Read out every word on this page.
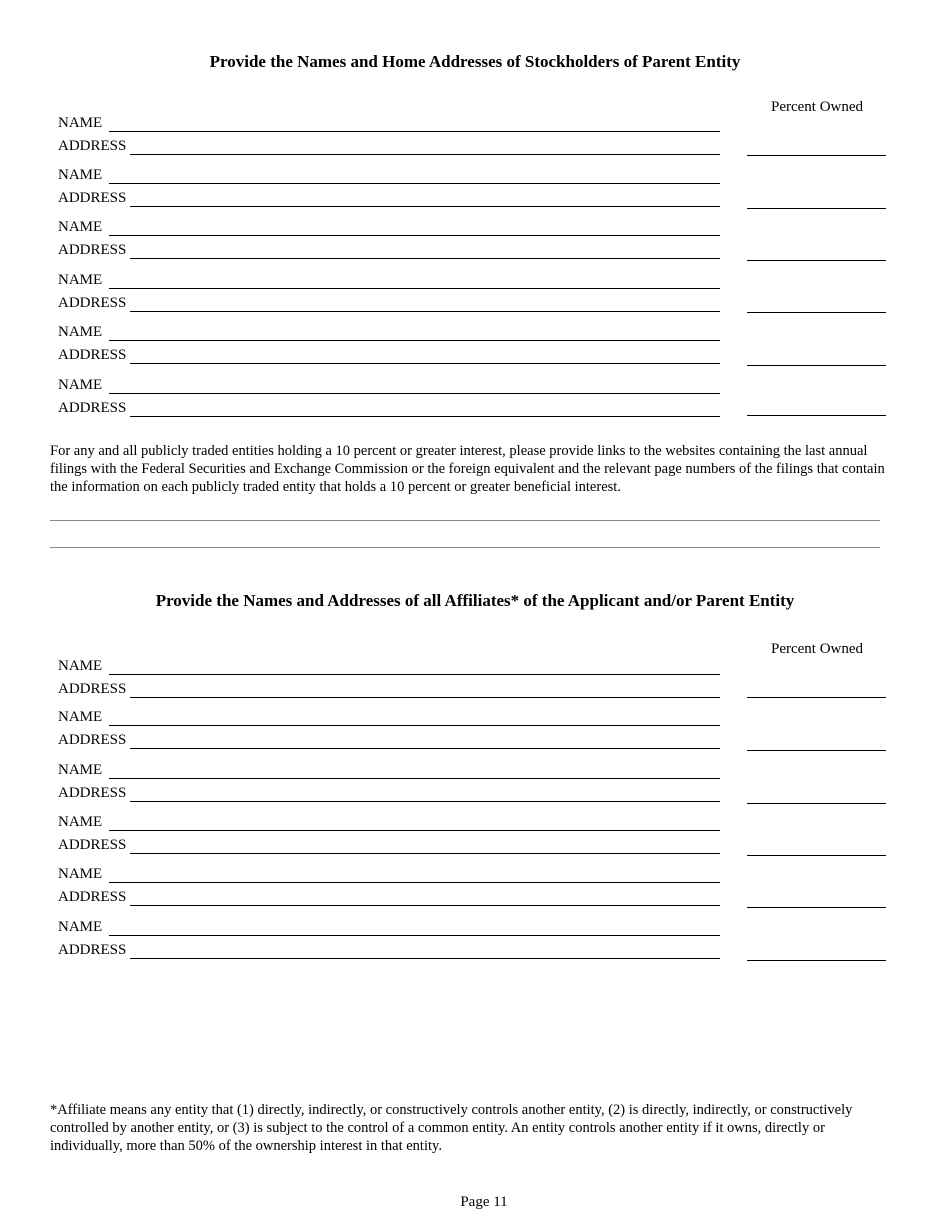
Provide the Names and Home Addresses of Stockholders of Parent Entity
Percent Owned
NAME
ADDRESS
NAME
ADDRESS
NAME
ADDRESS
NAME
ADDRESS
NAME
ADDRESS
NAME
ADDRESS
For any and all publicly traded entities holding a 10 percent or greater interest, please provide links to the websites containing the last annual filings with the Federal Securities and Exchange Commission or the foreign equivalent and the relevant page numbers of the filings that contain the information on each publicly traded entity that holds a 10 percent or greater beneficial interest.
Provide the Names and Addresses of all Affiliates* of the Applicant and/or Parent Entity
Percent Owned
NAME
ADDRESS
NAME
ADDRESS
NAME
ADDRESS
NAME
ADDRESS
NAME
ADDRESS
NAME
ADDRESS
*Affiliate means any entity that (1) directly, indirectly, or constructively controls another entity, (2) is directly, indirectly, or constructively controlled by another entity, or (3) is subject to the control of a common entity. An entity controls another entity if it owns, directly or individually, more than 50% of the ownership interest in that entity.
Page 11
